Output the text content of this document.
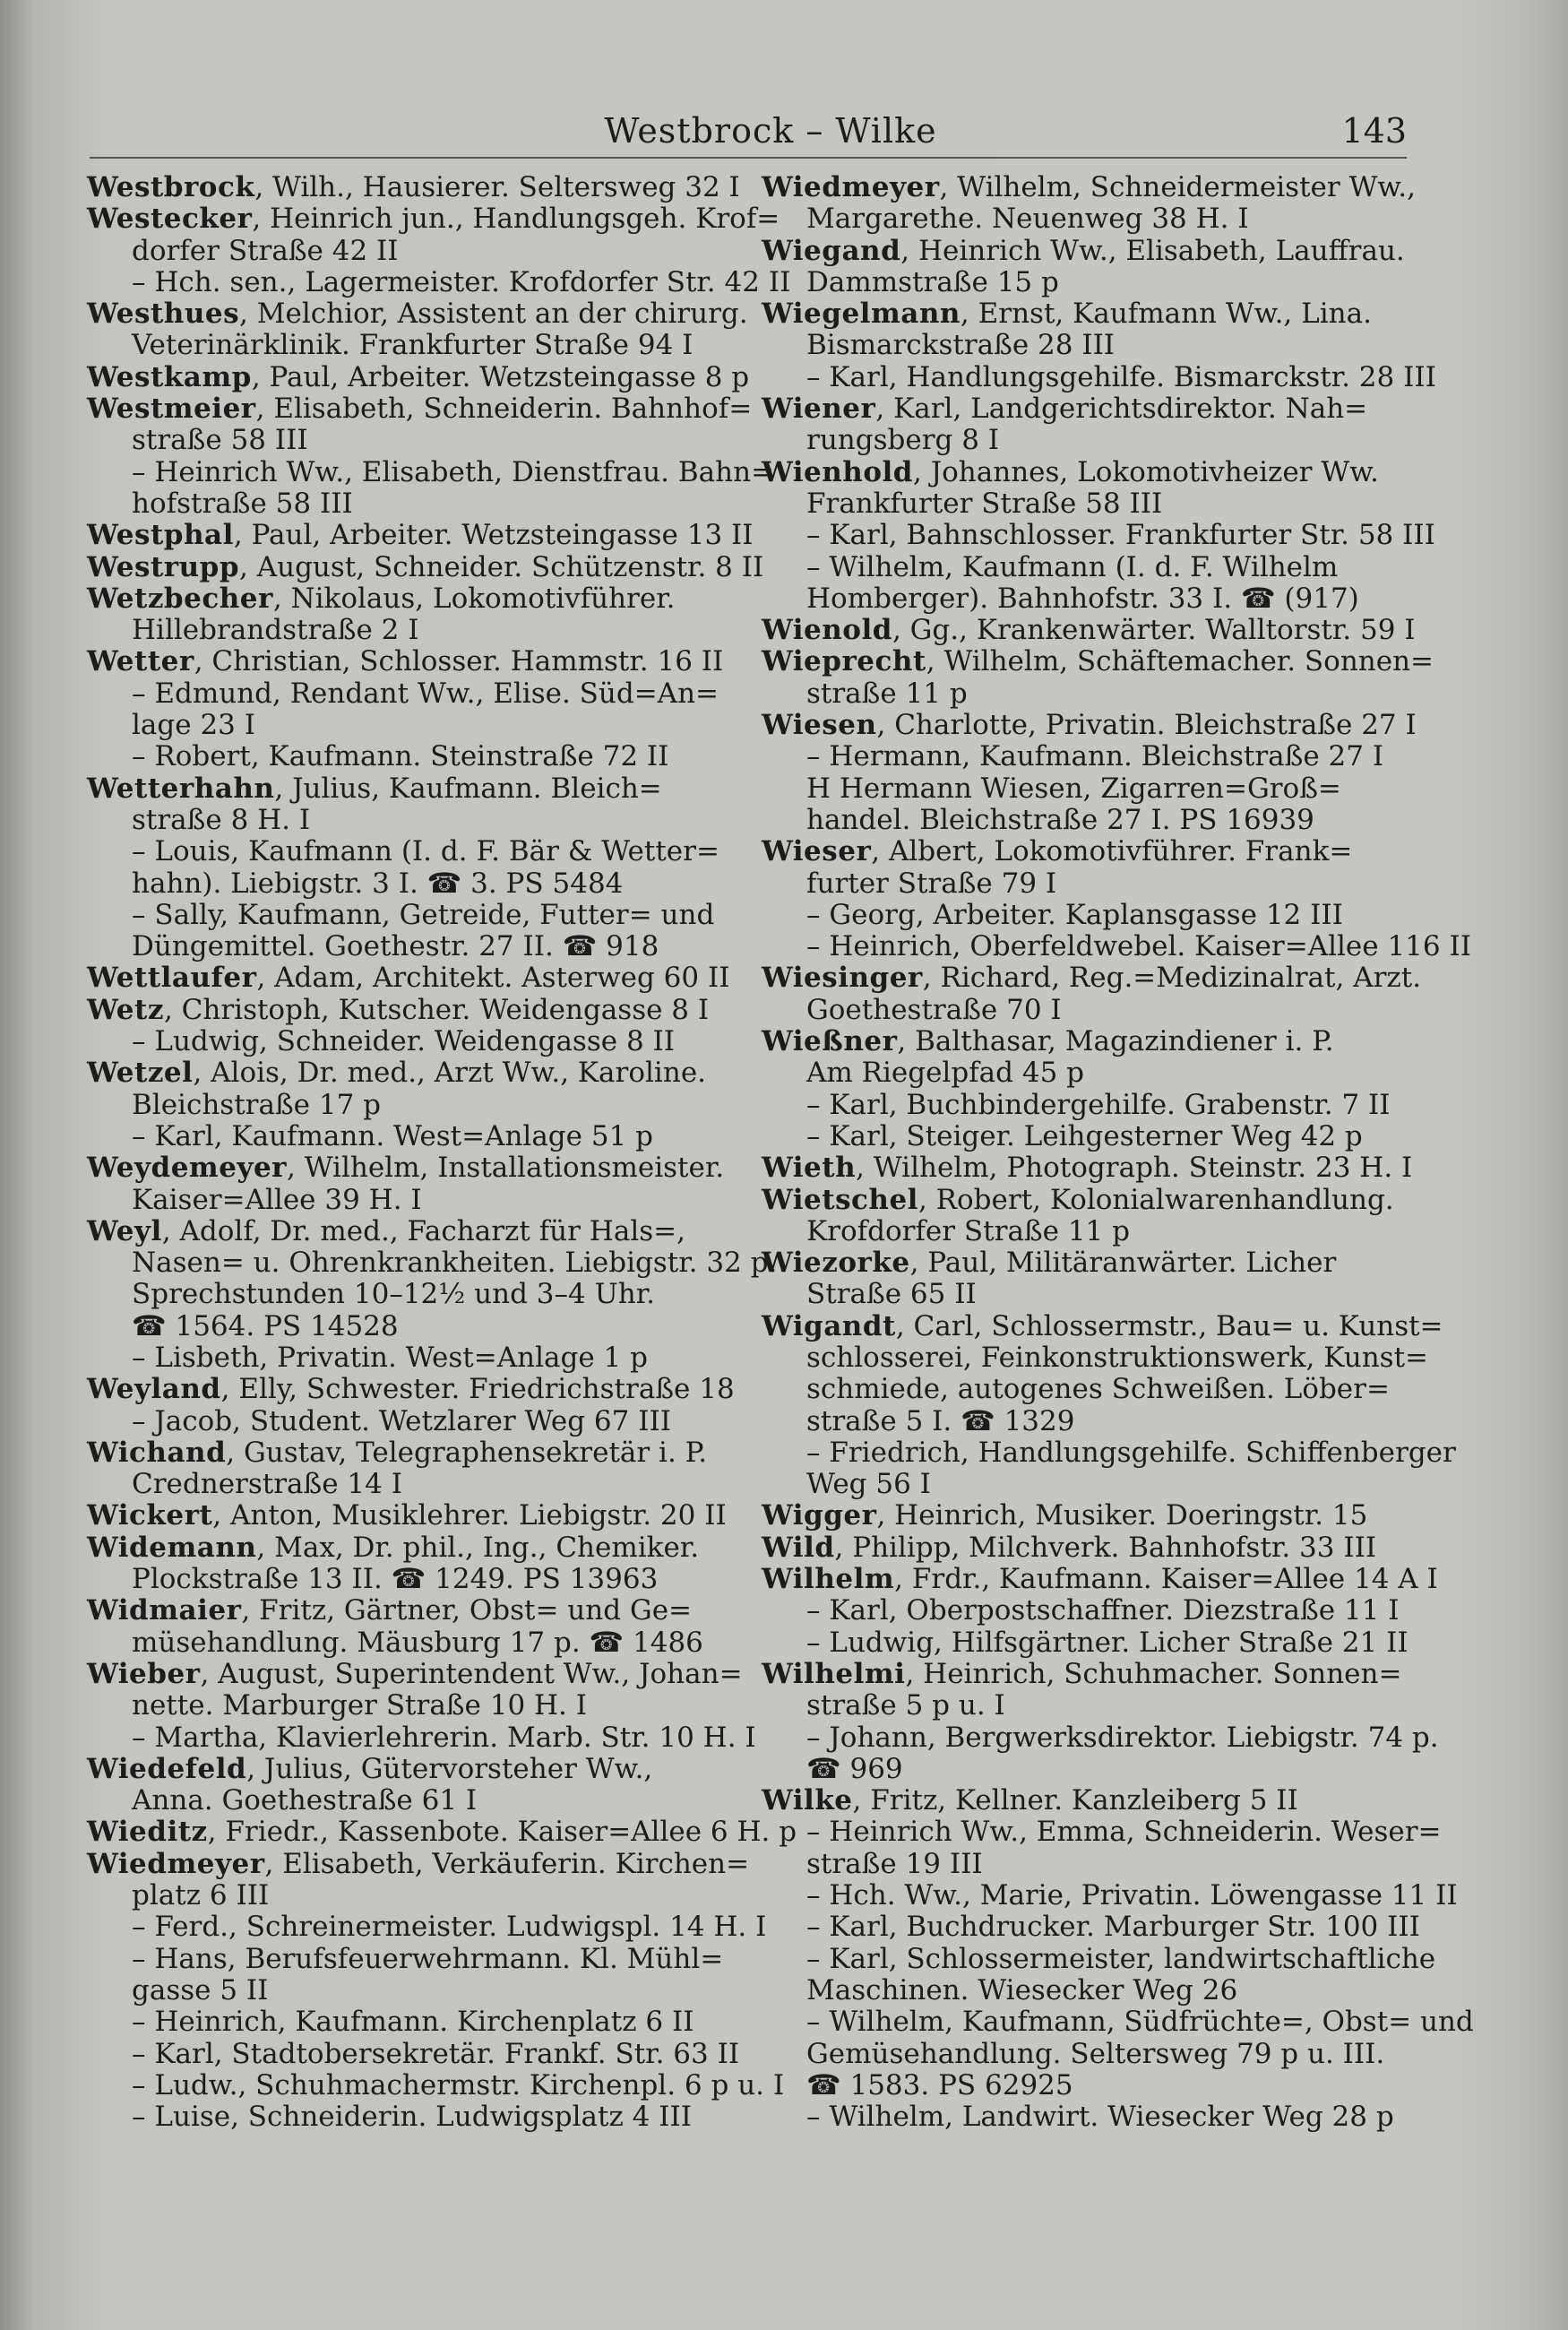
Westbrock – Wilke	143
Westbrock, Wilh., Hausierer. Seltersweg 32 I
Westecker, Heinrich jun., Handlungsgeh. Krof=
dorfer Straße 42 II
– Hch. sen., Lagermeister. Krofdorfer Str. 42 II
Westhues, Melchior, Assistent an der chirurg.
Veterinärklinik. Frankfurter Straße 94 I
Westkamp, Paul, Arbeiter. Wetzsteingasse 8 p
Westmeier, Elisabeth, Schneiderin. Bahnhof=
straße 58 III
– Heinrich Ww., Elisabeth, Dienstfrau. Bahn=
hofstraße 58 III
Westphal, Paul, Arbeiter. Wetzsteingasse 13 II
Westrupp, August, Schneider. Schützenstr. 8 II
Wetzbecher, Nikolaus, Lokomotivführer.
Hillebrandstraße 2 I
Wetter, Christian, Schlosser. Hammstr. 16 II
– Edmund, Rendant Ww., Elise. Süd=An=
lage 23 I
– Robert, Kaufmann. Steinstraße 72 II
Wetterhahn, Julius, Kaufmann. Bleich=
straße 8 H. I
– Louis, Kaufmann (I. d. F. Bär & Wetter=
hahn). Liebigstr. 3 I. ☎ 3. PS 5484
– Sally, Kaufmann, Getreide, Futter= und
Düngemittel. Goethestr. 27 II. ☎ 918
Wettlaufer, Adam, Architekt. Asterweg 60 II
Wetz, Christoph, Kutscher. Weidengasse 8 I
– Ludwig, Schneider. Weidengasse 8 II
Wetzel, Alois, Dr. med., Arzt Ww., Karoline.
Bleichstraße 17 p
– Karl, Kaufmann. West=Anlage 51 p
Weydemeyer, Wilhelm, Installationsmeister.
Kaiser=Allee 39 H. I
Weyl, Adolf, Dr. med., Facharzt für Hals=,
Nasen= u. Ohrenkrankheiten. Liebigstr. 32 p.
Sprechstunden 10–12½ und 3–4 Uhr.
☎ 1564. PS 14528
– Lisbeth, Privatin. West=Anlage 1 p
Weyland, Elly, Schwester. Friedrichstraße 18
– Jacob, Student. Wetzlarer Weg 67 III
Wichand, Gustav, Telegraphensekretär i. P.
Crednerstraße 14 I
Wickert, Anton, Musiklehrer. Liebigstr. 20 II
Widemann, Max, Dr. phil., Ing., Chemiker.
Plockstraße 13 II. ☎ 1249. PS 13963
Widmaier, Fritz, Gärtner, Obst= und Ge=
müsehandlung. Mäusburg 17 p. ☎ 1486
Wieber, August, Superintendent Ww., Johan=
nette. Marburger Straße 10 H. I
– Martha, Klavierlehrerin. Marb. Str. 10 H. I
Wiedefeld, Julius, Gütervorsteher Ww.,
Anna. Goethestraße 61 I
Wieditz, Friedr., Kassenbote. Kaiser=Allee 6 H. p
Wiedmeyer, Elisabeth, Verkäuferin. Kirchen=
platz 6 III
– Ferd., Schreinermeister. Ludwigspl. 14 H. I
– Hans, Berufsfeuerwehrmann. Kl. Mühl=
gasse 5 II
– Heinrich, Kaufmann. Kirchenplatz 6 II
– Karl, Stadtobersekretär. Frankf. Str. 63 II
– Ludw., Schuhmachermstr. Kirchenpl. 6 p u. I
– Luise, Schneiderin. Ludwigsplatz 4 III
Wiedmeyer, Wilhelm, Schneidermeister Ww.,
Margarethe. Neuenweg 38 H. I
Wiegand, Heinrich Ww., Elisabeth, Lauffrau.
Dammstraße 15 p
Wiegelmann, Ernst, Kaufmann Ww., Lina.
Bismarckstraße 28 III
– Karl, Handlungsgehilfe. Bismarckstr. 28 III
Wiener, Karl, Landgerichtsdirektor. Nah=
rungsberg 8 I
Wienhold, Johannes, Lokomotivheizer Ww.
Frankfurter Straße 58 III
– Karl, Bahnschlosser. Frankfurter Str. 58 III
– Wilhelm, Kaufmann (I. d. F. Wilhelm
Homberger). Bahnhofstr. 33 I. ☎ (917)
Wienold, Gg., Krankenwärter. Walltorstr. 59 I
Wieprecht, Wilhelm, Schäftemacher. Sonnen=
straße 11 p
Wiesen, Charlotte, Privatin. Bleichstraße 27 I
– Hermann, Kaufmann. Bleichstraße 27 I
H Hermann Wiesen, Zigarren=Groß=
handel. Bleichstraße 27 I. PS 16939
Wieser, Albert, Lokomotivführer. Frank=
furter Straße 79 I
– Georg, Arbeiter. Kaplansgasse 12 III
– Heinrich, Oberfeldwebel. Kaiser=Allee 116 II
Wiesinger, Richard, Reg.=Medizinalrat, Arzt.
Goethestraße 70 I
Wießner, Balthasar, Magazindiener i. P.
Am Riegelpfad 45 p
– Karl, Buchbindergehilfe. Grabenstr. 7 II
– Karl, Steiger. Leihgesterner Weg 42 p
Wieth, Wilhelm, Photograph. Steinstr. 23 H. I
Wietschel, Robert, Kolonialwarenhandlung.
Krofdorfer Straße 11 p
Wiezorke, Paul, Militäranwärter. Licher
Straße 65 II
Wigandt, Carl, Schlossermstr., Bau= u. Kunst=
schlosserei, Feinkonstruktionswerk, Kunst=
schmiede, autogenes Schweißen. Löber=
straße 5 I. ☎ 1329
– Friedrich, Handlungsgehilfe. Schiffenberger
Weg 56 I
Wigger, Heinrich, Musiker. Doeringstr. 15
Wild, Philipp, Milchverk. Bahnhofstr. 33 III
Wilhelm, Frdr., Kaufmann. Kaiser=Allee 14 A I
– Karl, Oberpostschaffner. Diezstraße 11 I
– Ludwig, Hilfsgärtner. Licher Straße 21 II
Wilhelmi, Heinrich, Schuhmacher. Sonnen=
straße 5 p u. I
– Johann, Bergwerksdirektor. Liebigstr. 74 p.
☎ 969
Wilke, Fritz, Kellner. Kanzleiberg 5 II
– Heinrich Ww., Emma, Schneiderin. Weser=
straße 19 III
– Hch. Ww., Marie, Privatin. Löwengasse 11 II
– Karl, Buchdrucker. Marburger Str. 100 III
– Karl, Schlossermeister, landwirtschaftliche
Maschinen. Wiesecker Weg 26
– Wilhelm, Kaufmann, Südfrüchte=, Obst= und
Gemüsehandlung. Seltersweg 79 p u. III.
☎ 1583. PS 62925
– Wilhelm, Landwirt. Wiesecker Weg 28 p
